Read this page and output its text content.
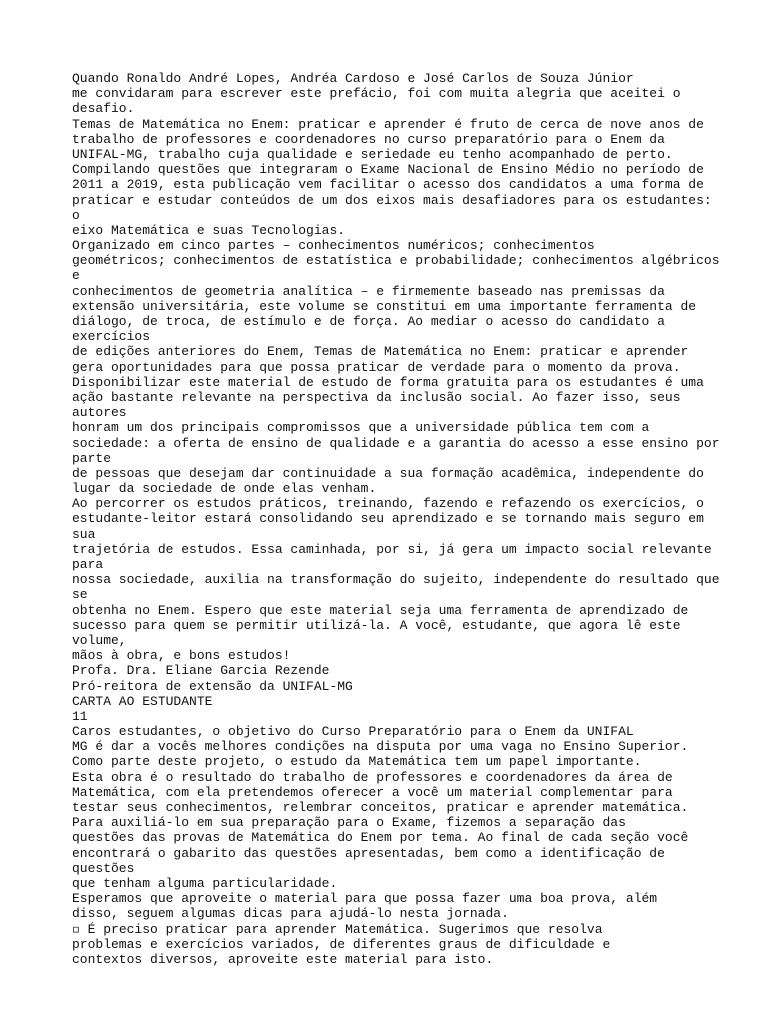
Quando Ronaldo André Lopes, Andréa Cardoso e José Carlos de Souza Júnior
me convidaram para escrever este prefácio, foi com muita alegria que aceitei o
desafio.
Temas de Matemática no Enem: praticar e aprender é fruto de cerca de nove anos de
trabalho de professores e coordenadores no curso preparatório para o Enem da
UNIFAL-MG, trabalho cuja qualidade e seriedade eu tenho acompanhado de perto.
Compilando questões que integraram o Exame Nacional de Ensino Médio no período de
2011 a 2019, esta publicação vem facilitar o acesso dos candidatos a uma forma de
praticar e estudar conteúdos de um dos eixos mais desafiadores para os estudantes:
o
eixo Matemática e suas Tecnologias.
Organizado em cinco partes – conhecimentos numéricos; conhecimentos
geométricos; conhecimentos de estatística e probabilidade; conhecimentos algébricos
e
conhecimentos de geometria analítica – e firmemente baseado nas premissas da
extensão universitária, este volume se constitui em uma importante ferramenta de
diálogo, de troca, de estímulo e de força. Ao mediar o acesso do candidato a
exercícios
de edições anteriores do Enem, Temas de Matemática no Enem: praticar e aprender
gera oportunidades para que possa praticar de verdade para o momento da prova.
Disponibilizar este material de estudo de forma gratuita para os estudantes é uma
ação bastante relevante na perspectiva da inclusão social. Ao fazer isso, seus
autores
honram um dos principais compromissos que a universidade pública tem com a
sociedade: a oferta de ensino de qualidade e a garantia do acesso a esse ensino por
parte
de pessoas que desejam dar continuidade a sua formação acadêmica, independente do
lugar da sociedade de onde elas venham.
Ao percorrer os estudos práticos, treinando, fazendo e refazendo os exercícios, o
estudante-leitor estará consolidando seu aprendizado e se tornando mais seguro em
sua
trajetória de estudos. Essa caminhada, por si, já gera um impacto social relevante
para
nossa sociedade, auxilia na transformação do sujeito, independente do resultado que
se
obtenha no Enem. Espero que este material seja uma ferramenta de aprendizado de
sucesso para quem se permitir utilizá-la. A você, estudante, que agora lê este
volume,
mãos à obra, e bons estudos!
Profa. Dra. Eliane Garcia Rezende
Pró-reitora de extensão da UNIFAL-MG
CARTA AO ESTUDANTE
11
Caros estudantes, o objetivo do Curso Preparatório para o Enem da UNIFAL
MG é dar a vocês melhores condições na disputa por uma vaga no Ensino Superior.
Como parte deste projeto, o estudo da Matemática tem um papel importante.
Esta obra é o resultado do trabalho de professores e coordenadores da área de
Matemática, com ela pretendemos oferecer a você um material complementar para
testar seus conhecimentos, relembrar conceitos, praticar e aprender matemática.
Para auxiliá-lo em sua preparação para o Exame, fizemos a separação das
questões das provas de Matemática do Enem por tema. Ao final de cada seção você
encontrará o gabarito das questões apresentadas, bem como a identificação de
questões
que tenham alguma particularidade.
Esperamos que aproveite o material para que possa fazer uma boa prova, além
disso, seguem algumas dicas para ajudá-lo nesta jornada.
◽ É preciso praticar para aprender Matemática. Sugerimos que resolva
problemas e exercícios variados, de diferentes graus de dificuldade e
contextos diversos, aproveite este material para isto.
